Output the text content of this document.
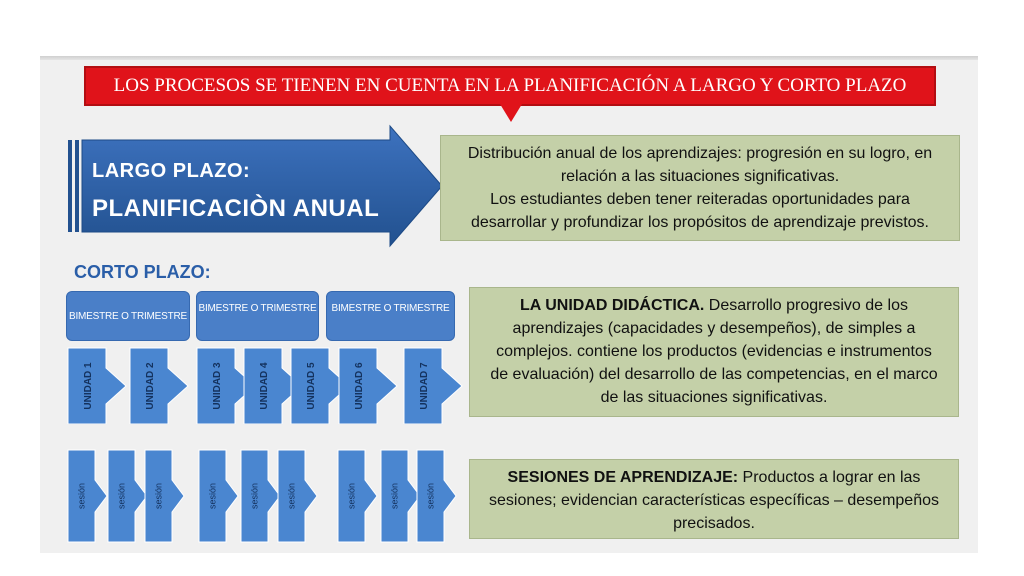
LOS PROCESOS SE TIENEN EN CUENTA EN LA PLANIFICACIÓN A LARGO Y CORTO PLAZO
LARGO PLAZO:
PLANIFICACIÒN ANUAL
Distribución anual de los aprendizajes: progresión en su logro, en
relación a las situaciones significativas.
Los estudiantes deben tener reiteradas oportunidades para
desarrollar y profundizar los propósitos de aprendizaje previstos.
CORTO PLAZO:
BIMESTRE O TRIMESTRE
BIMESTRE O TRIMESTRE	BIMESTRE O TRIMESTRE
UNIDAD 1	UNIDAD 2	UNIDAD 3	UNIDAD 4	UNIDAD 5	UNIDAD 6	UNIDAD 7
sesión	sesión	sesión	sesión	sesión	sesión	sesión	sesión	sesión
LA UNIDAD DIDÁCTICA. Desarrollo progresivo de los
aprendizajes (capacidades y desempeños), de simples a
complejos. contiene los productos (evidencias e instrumentos
de evaluación) del desarrollo de las competencias, en el marco
de las situaciones significativas.
SESIONES DE APRENDIZAJE: Productos a lograr en las
sesiones; evidencian características específicas – desempeños
precisados.
